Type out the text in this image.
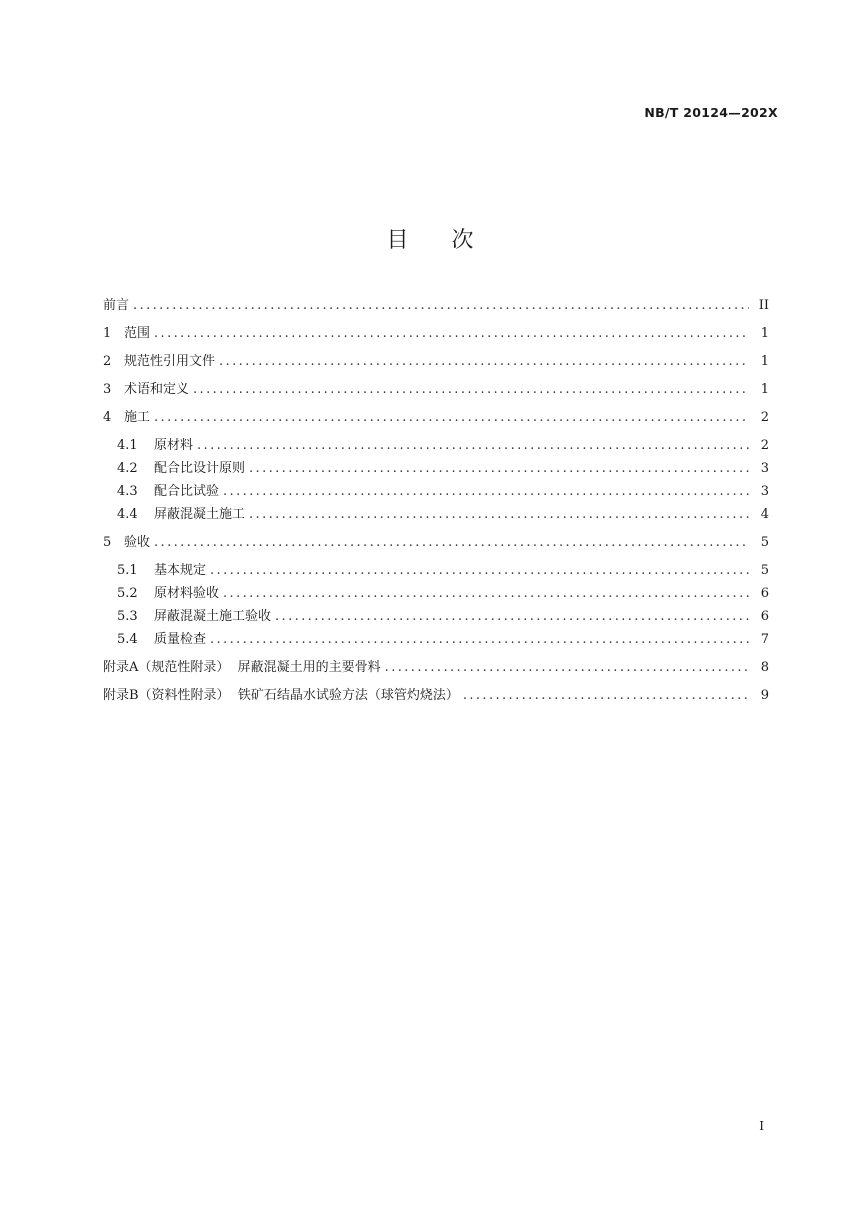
NB/T 20124—202X
目 次
前言 .....	II
1 范围 .....	1
2 规范性引用文件 .....	1
3 术语和定义 .....	1
4 施工 .....	2
4.1	原材料 .....	2
4.2	配合比设计原则 .....	3
4.3	配合比试验 .....	3
4.4	屏蔽混凝土施工 .....	4
5 验收 .....	5
5.1	基本规定 .....	5
5.2	原材料验收 .....	6
5.3	屏蔽混凝土施工验收 .....	6
5.4	质量检查 .....	7
附录A（规范性附录）  屏蔽混凝土用的主要骨料 .....	8
附录B（资料性附录）  铁矿石结晶水试验方法（球管灼烧法） .....	9
I
